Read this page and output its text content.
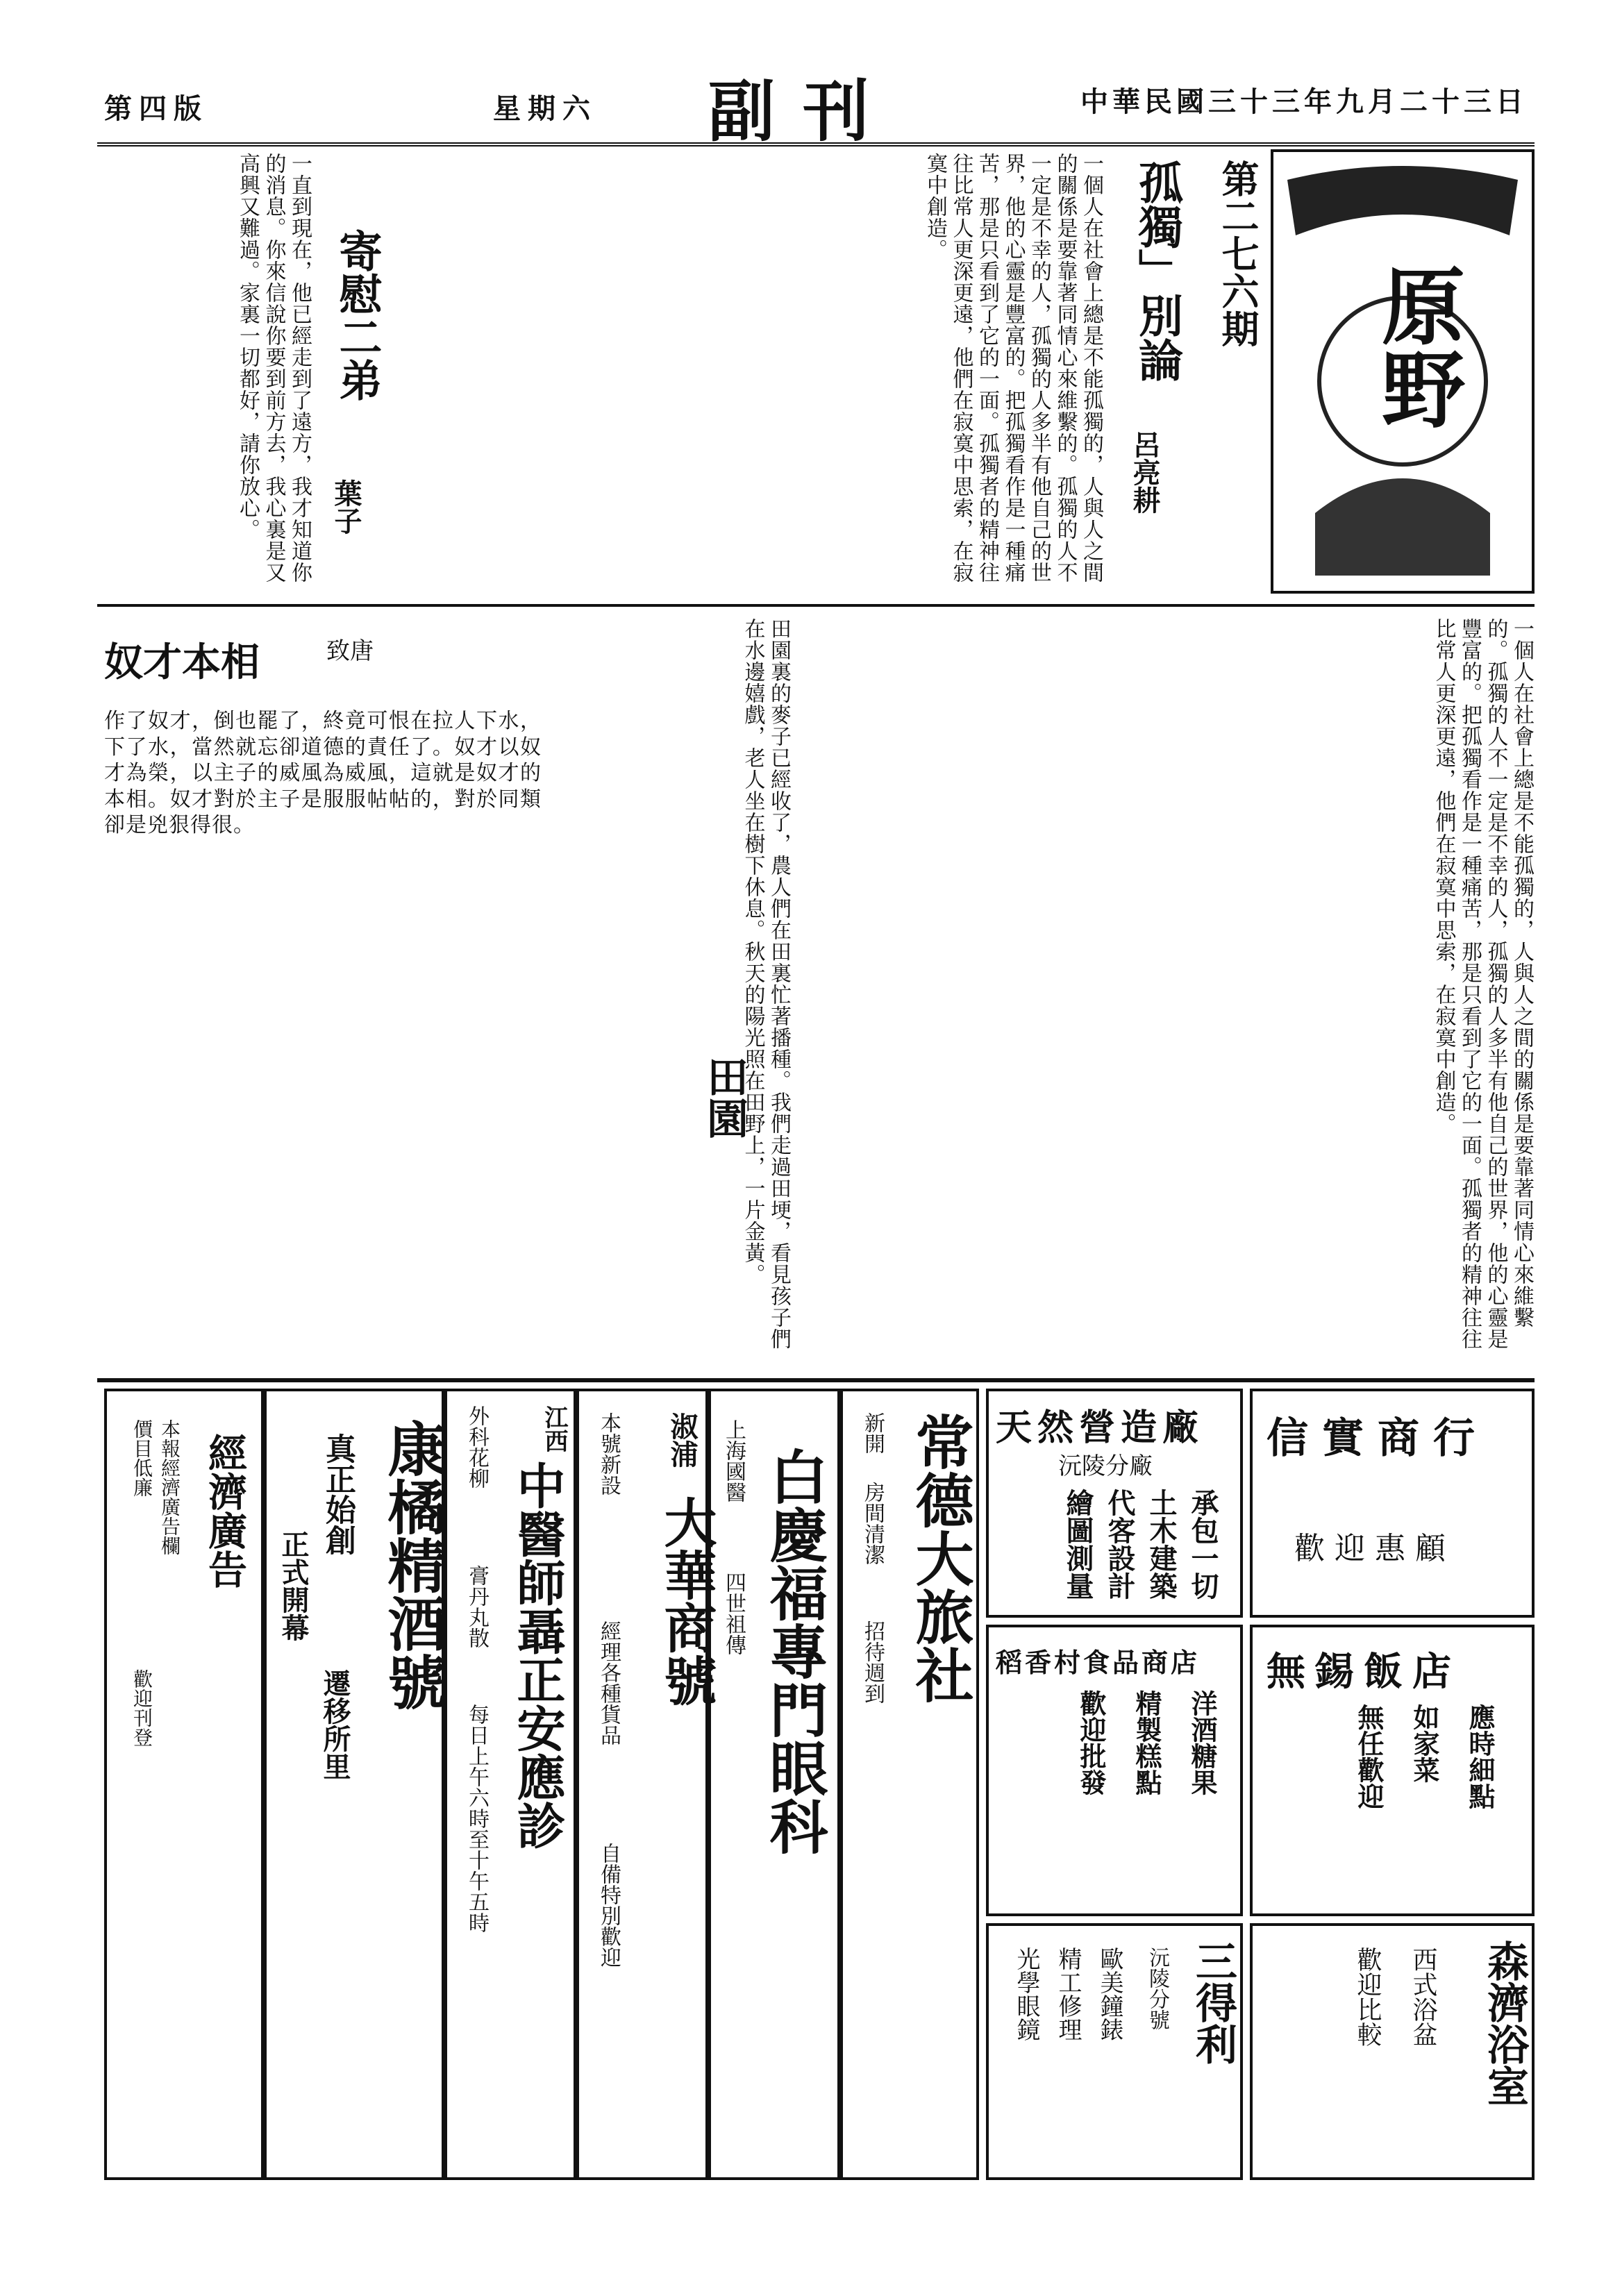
第四版	星期六 副刊	中華民國三十三年九月二十三日
原野
第二七六期
孤獨」別論
呂亮耕
一個人在社會上總是不能孤獨的，人與人之間的關係是要靠著同情心來維繫的。孤獨的人不一定是不幸的人，孤獨的人多半有他自己的世界，他的心靈是豐富的。把孤獨看作是一種痛苦，那是只看到了它的一面。孤獨者的精神往往比常人更深更遠，他們在寂寞中思索，在寂寞中創造。
寄慰二弟
葉子
一直到現在，他已經走到了遠方，我才知道你的消息。你來信說你要到前方去，我心裏是又高興又難過。家裏一切都好，請你放心。
奴才本相	致唐
作了奴才，倒也罷了，終竟可恨在拉人下水，下了水，當然就忘卻道德的責任了。奴才以奴才為榮，以主子的威風為威風，這就是奴才的本相。奴才對於主子是服服帖帖的，對於同類卻是兇狠得很。	一個人在社會上總是不能孤獨的，人與人之間的關係是要靠著同情心來維繫的。孤獨的人不一定是不幸的人，孤獨的人多半有他自己的世界，他的心靈是豐富的。把孤獨看作是一種痛苦，那是只看到了它的一面。孤獨者的精神往往比常人更深更遠，他們在寂寞中思索，在寂寞中創造。
田園 田園裏的麥子已經收了，農人們在田裏忙著播種。我們走過田埂，看見孩子們在水邊嬉戲，老人坐在樹下休息。秋天的陽光照在田野上，一片金黃。
信實商行
歡迎惠顧
天然營造廠
沅陵分廠
承包一切
土木建築
代客設計
繪圖測量
無錫飯店
應時細點
如家菜
無任歡迎
稻香村食品商店
洋酒糖果
精製糕點
歡迎批發
三得利
沅陵分號
歐美鐘錶
精工修理
光學眼鏡	森濟浴室
西式浴盆
歡迎比較
常德大旅社
新開
房間清潔
招待週到
白慶福專門眼科
上海國醫
四世祖傳
淑浦
大華商號
本號新設
經理各種貨品
自備特別歡迎
江西
中醫師聶正安應診
外科花柳
膏丹丸散
每日上午六時至十午五時
康橘精酒號
真正始創
遷移所里
正式開幕
經濟廣告
本報經濟廣告欄
價目低廉
歡迎刊登
